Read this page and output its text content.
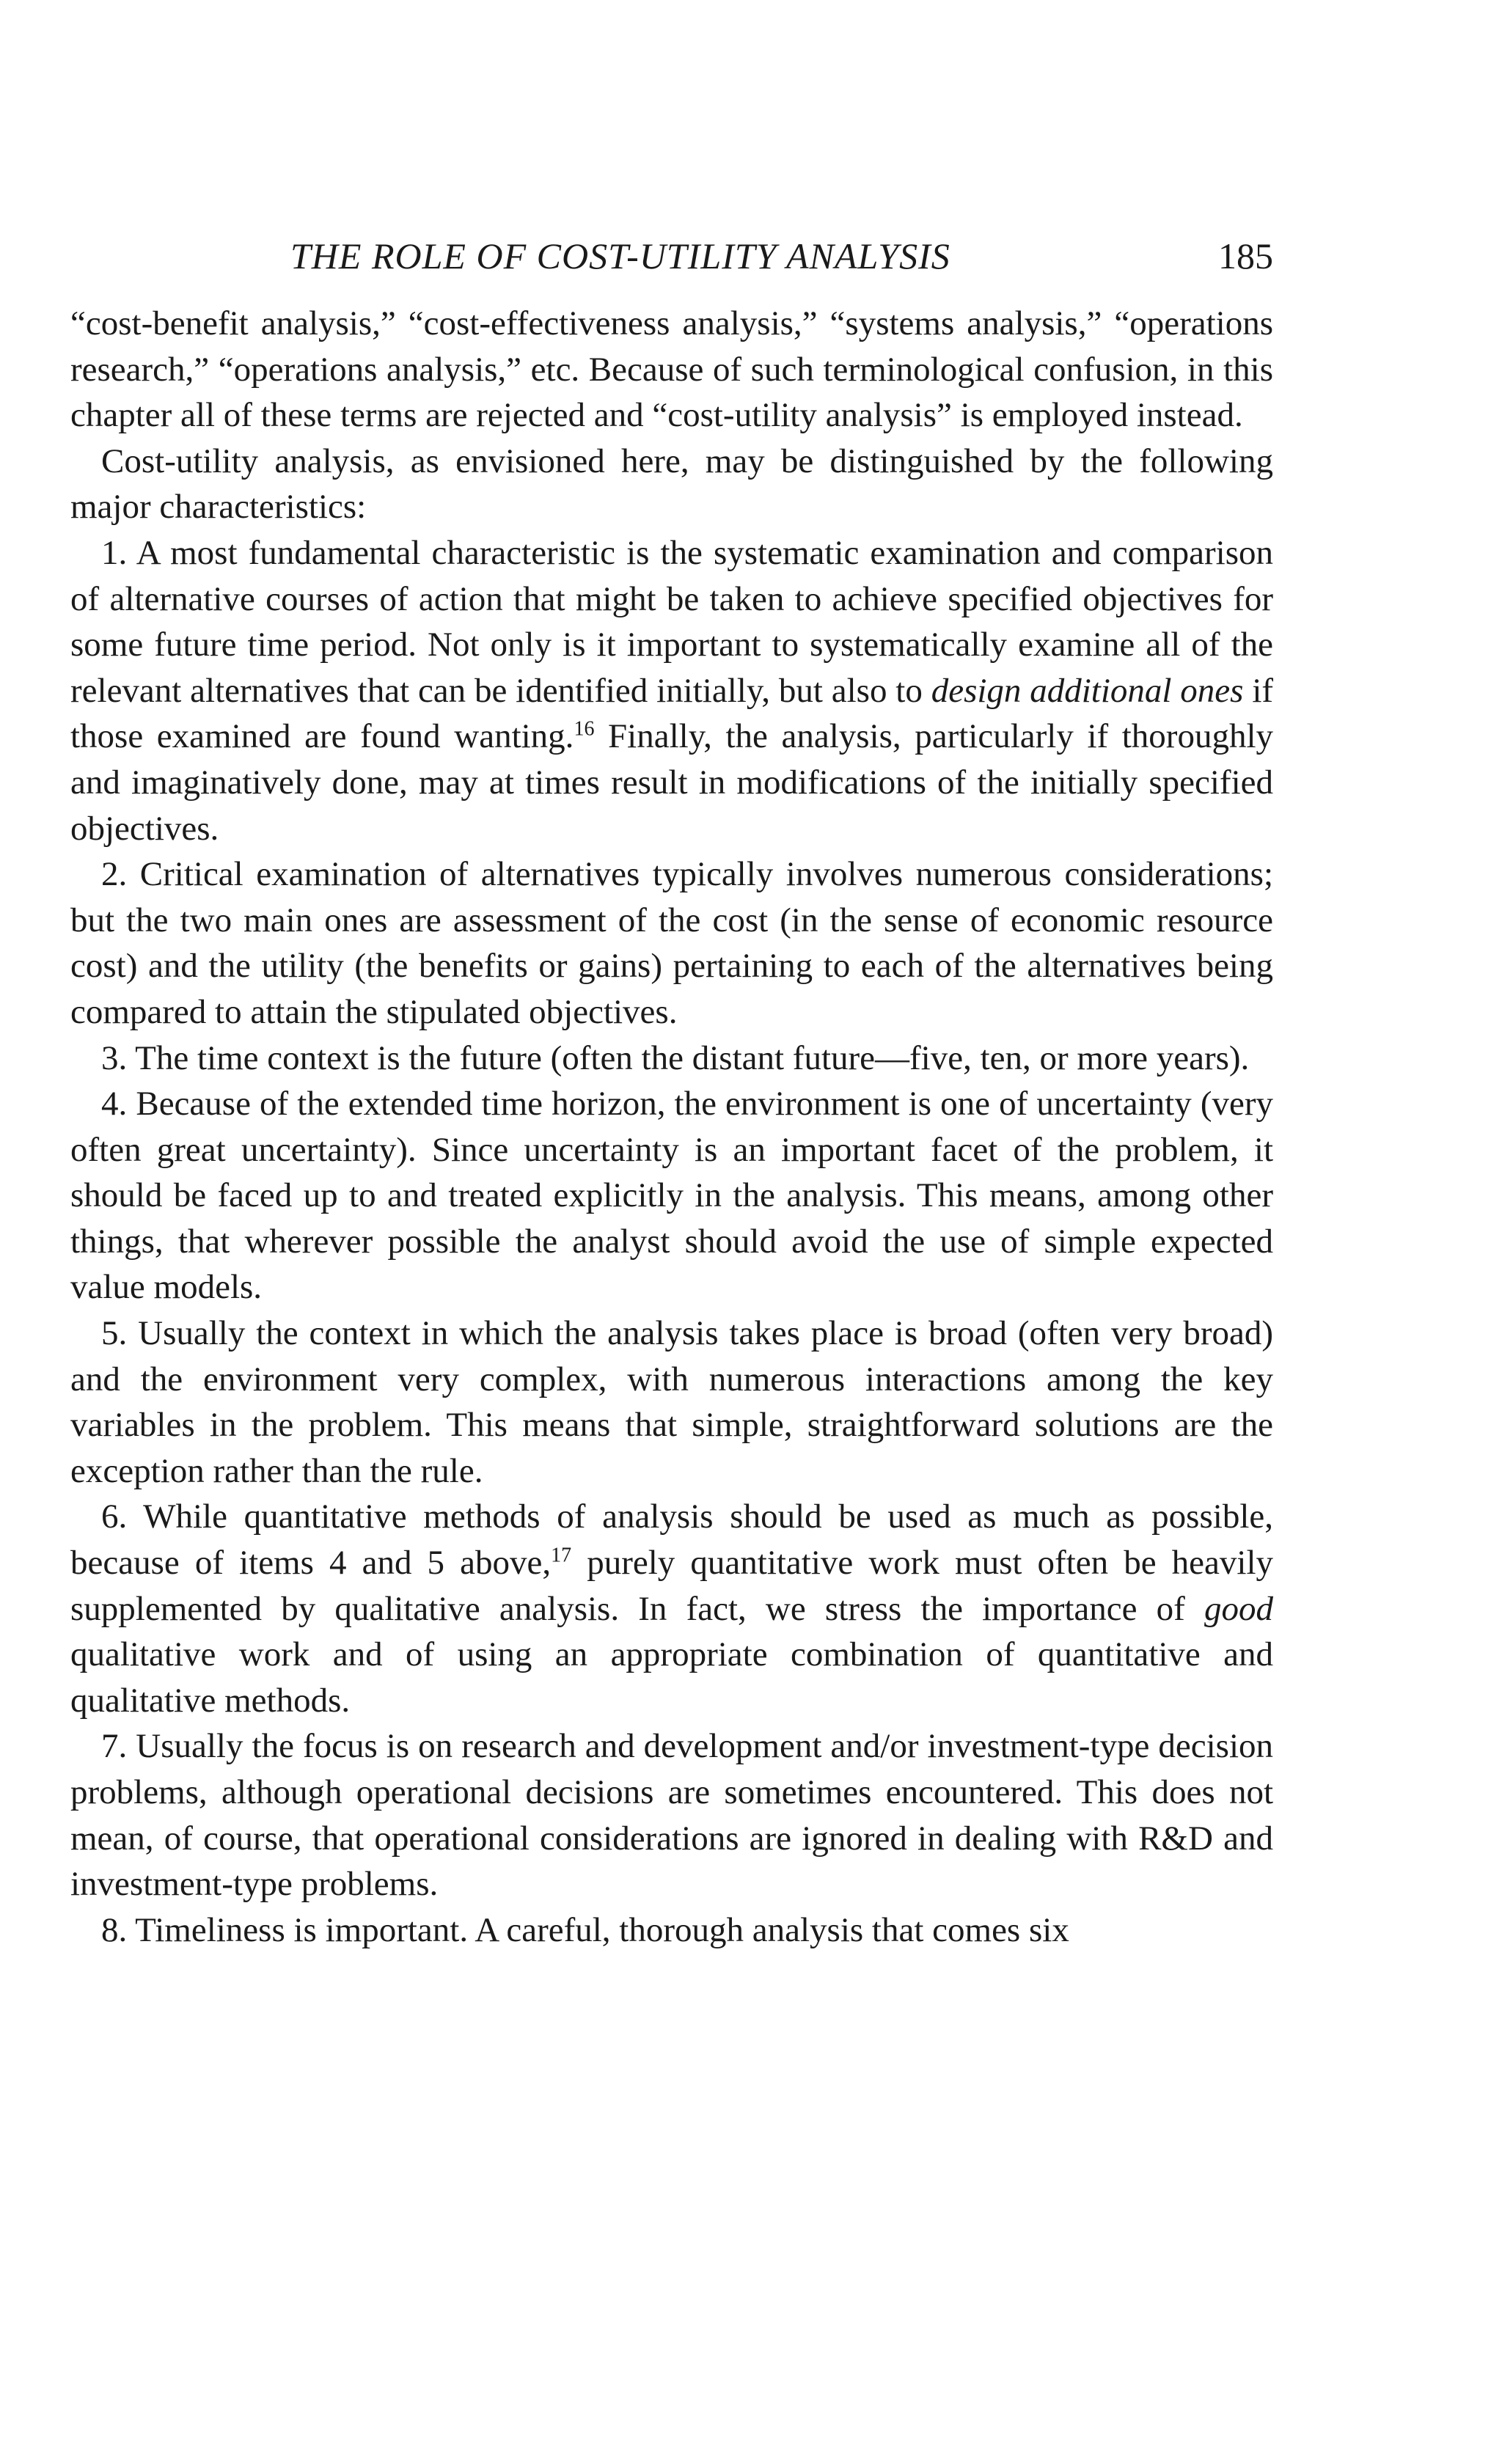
THE ROLE OF COST-UTILITY ANALYSIS	185

“cost-benefit analysis,” “cost-effectiveness analysis,” “systems analysis,” “operations research,” “operations analysis,” etc. Because of such terminological confusion, in this chapter all of these terms are rejected and “cost-utility analysis” is employed instead.

Cost-utility analysis, as envisioned here, may be distinguished by the following major characteristics:

1. A most fundamental characteristic is the systematic examination and comparison of alternative courses of action that might be taken to achieve specified objectives for some future time period. Not only is it important to systematically examine all of the relevant alternatives that can be identified initially, but also to design additional ones if those examined are found wanting.$^{16}$ Finally, the analysis, particularly if thoroughly and imaginatively done, may at times result in modifications of the initially specified objectives.

2. Critical examination of alternatives typically involves numerous considerations; but the two main ones are assessment of the cost (in the sense of economic resource cost) and the utility (the benefits or gains) pertaining to each of the alternatives being compared to attain the stipulated objectives.

3. The time context is the future (often the distant future—five, ten, or more years).

4. Because of the extended time horizon, the environment is one of uncertainty (very often great uncertainty). Since uncertainty is an important facet of the problem, it should be faced up to and treated explicitly in the analysis. This means, among other things, that wherever possible the analyst should avoid the use of simple expected value models.

5. Usually the context in which the analysis takes place is broad (often very broad) and the environment very complex, with numerous interactions among the key variables in the problem. This means that simple, straightforward solutions are the exception rather than the rule.

6. While quantitative methods of analysis should be used as much as possible, because of items 4 and 5 above,$^{17}$ purely quantitative work must often be heavily supplemented by qualitative analysis. In fact, we stress the importance of good qualitative work and of using an appropriate combination of quantitative and qualitative methods.

7. Usually the focus is on research and development and/or investment-type decision problems, although operational decisions are sometimes encountered. This does not mean, of course, that operational considerations are ignored in dealing with R&D and investment-type problems.

8. Timeliness is important. A careful, thorough analysis that comes six
